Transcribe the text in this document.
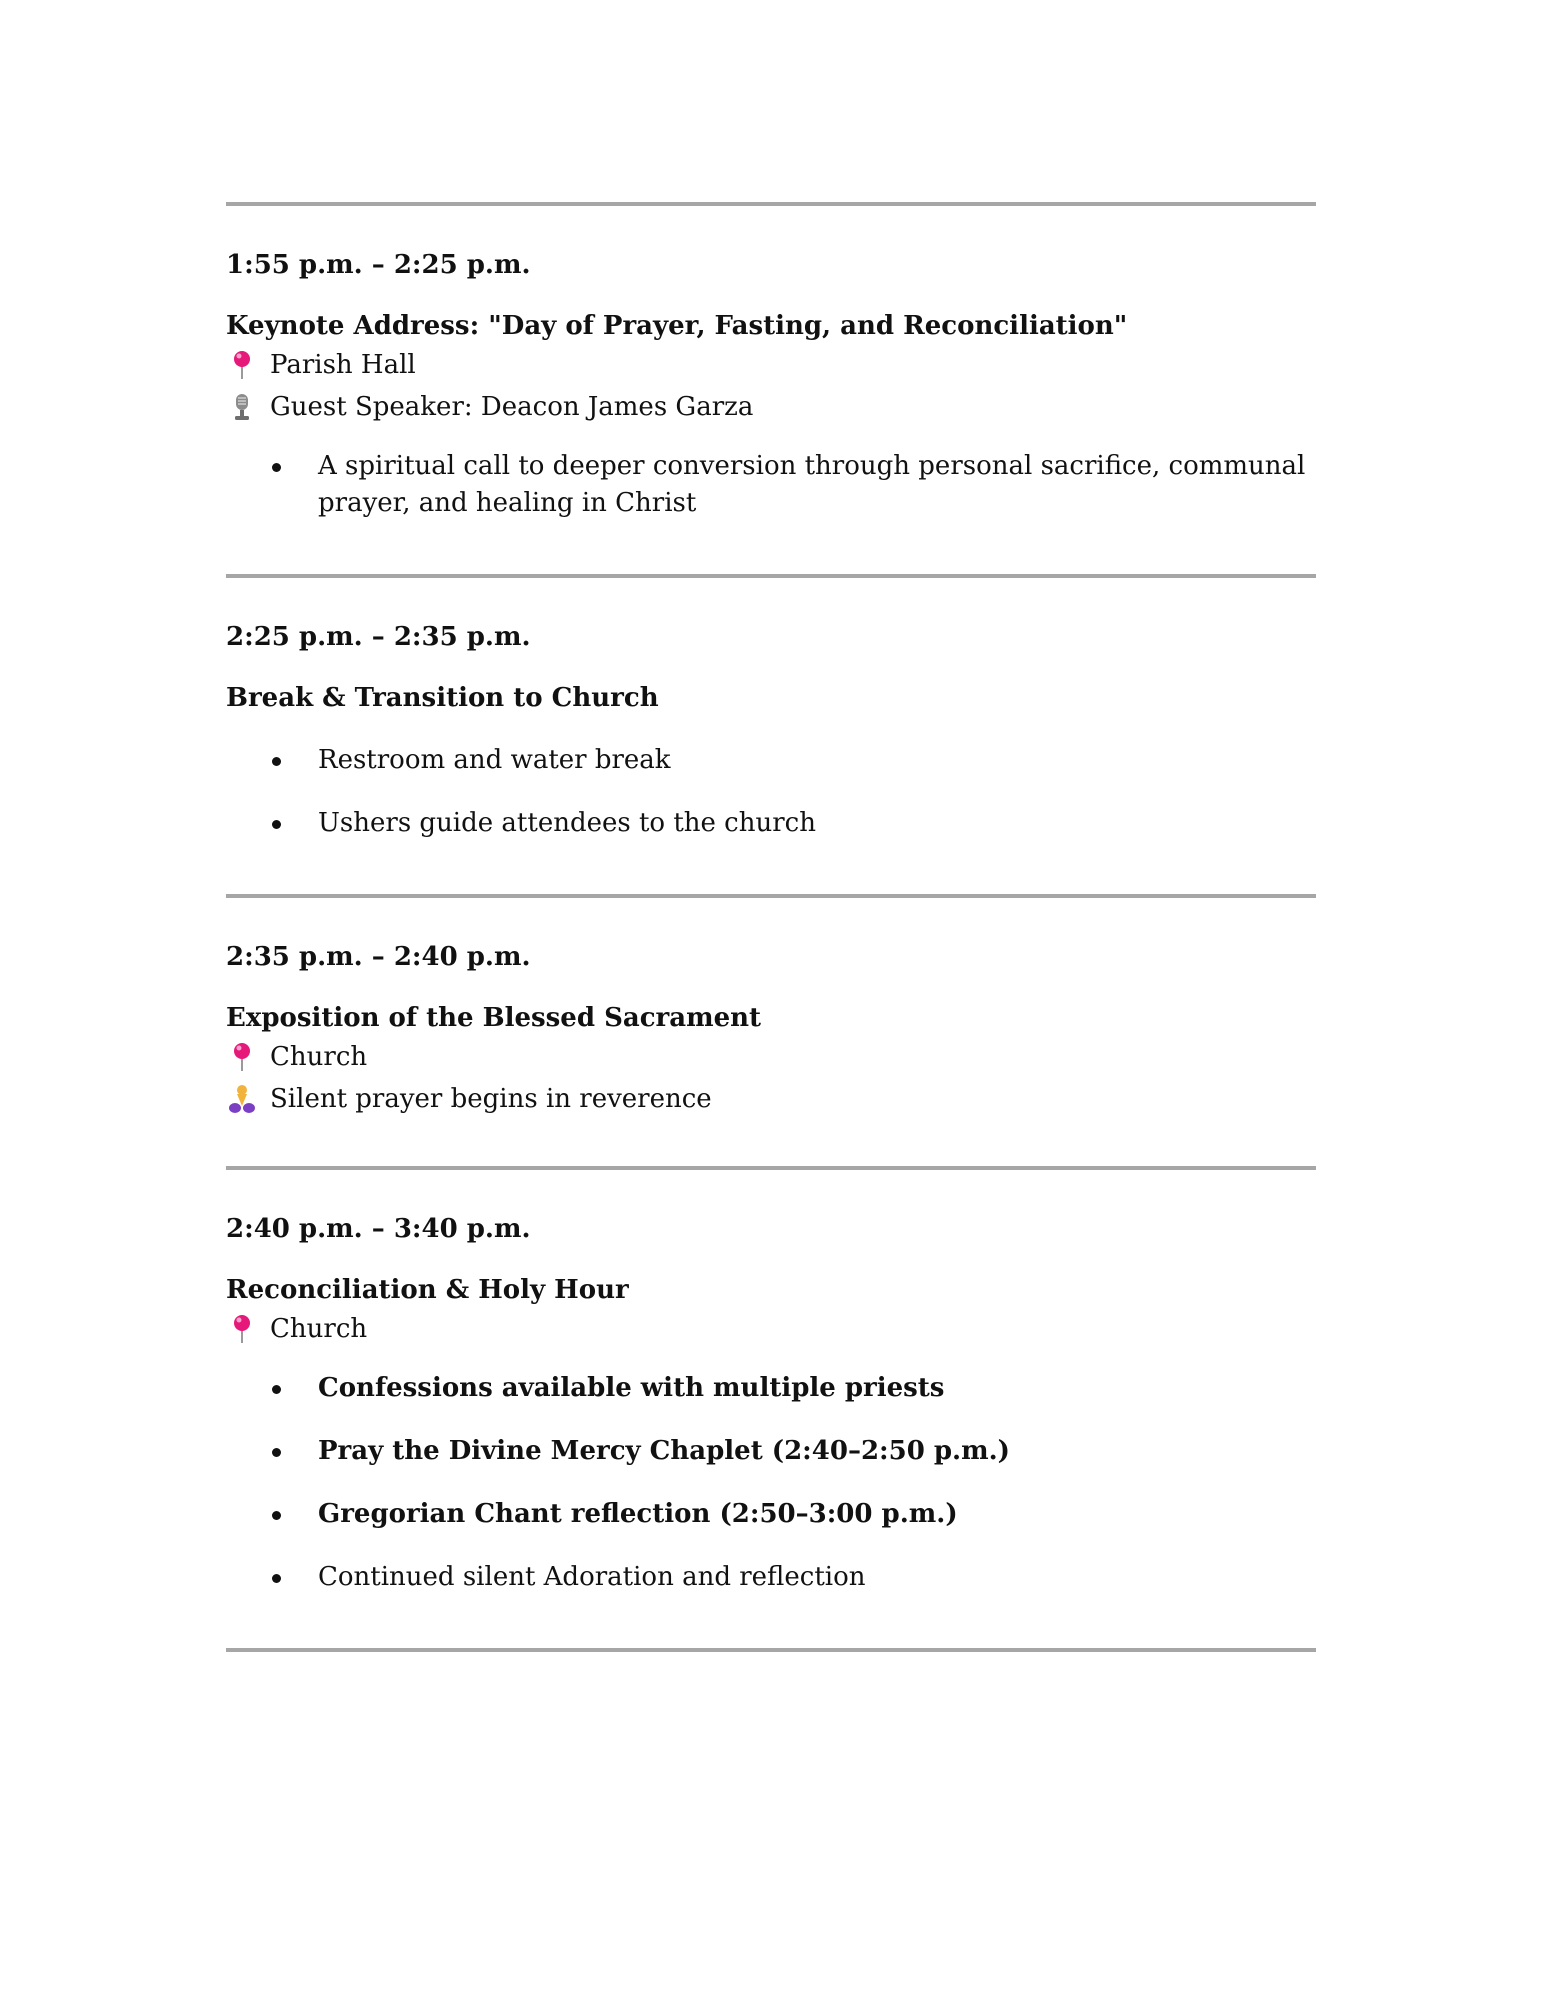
1:55 p.m. – 2:25 p.m.
Keynote Address: "Day of Prayer, Fasting, and Reconciliation"
Parish Hall
Guest Speaker: Deacon James Garza
A spiritual call to deeper conversion through personal sacrifice, communal prayer, and healing in Christ
2:25 p.m. – 2:35 p.m.
Break & Transition to Church
Restroom and water break
Ushers guide attendees to the church
2:35 p.m. – 2:40 p.m.
Exposition of the Blessed Sacrament
Church
Silent prayer begins in reverence
2:40 p.m. – 3:40 p.m.
Reconciliation & Holy Hour
Church
Confessions available with multiple priests
Pray the Divine Mercy Chaplet (2:40–2:50 p.m.)
Gregorian Chant reflection (2:50–3:00 p.m.)
Continued silent Adoration and reflection
